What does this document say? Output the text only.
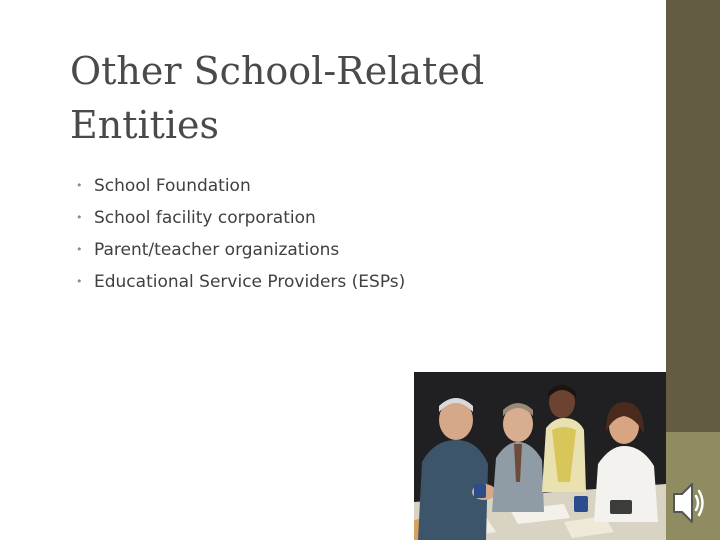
Other School-Related
Entities
• School Foundation
• School facility corporation
• Parent/teacher organizations
• Educational Service Providers (ESPs)
